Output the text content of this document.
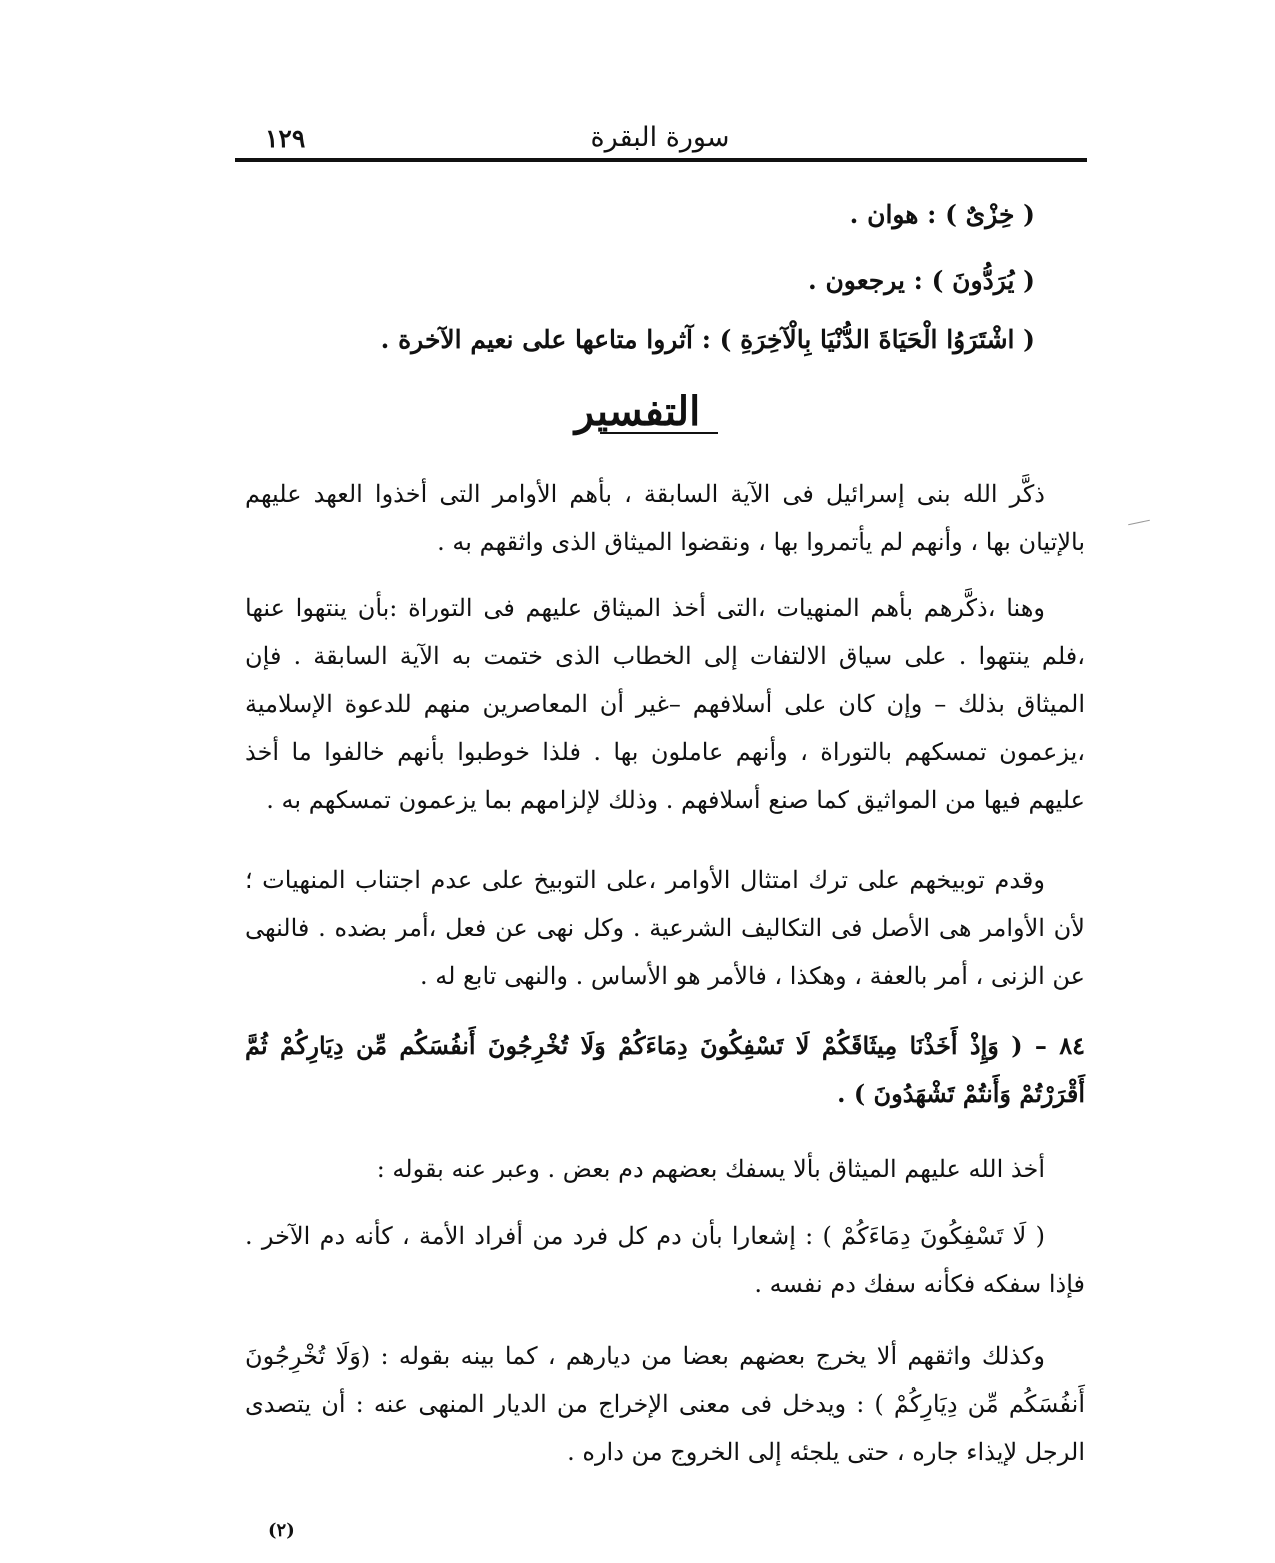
سورة البقرة
١٢٩
( خِزْىٌ ) : هوان .
( يُرَدُّونَ ) : يرجعون .
( اشْتَرَوُا الْحَيَاةَ الدُّنْيَا بِالْآخِرَةِ ) : آثروا متاعها على نعيم الآخرة .
التفسير
ذكَّر الله بنى إسرائيل فى الآية السابقة ، بأهم الأوامر التى أخذوا العهد عليهم بالإتيان بها ، وأنهم لم يأتمروا بها ، ونقضوا الميثاق الذى واثقهم به .
وهنا ،ذكَّرهم بأهم المنهيات ،التى أخذ الميثاق عليهم فى التوراة :بأن ينتهوا عنها ،فلم ينتهوا . على سياق الالتفات إلى الخطاب الذى ختمت به الآية السابقة . فإن الميثاق بذلك – وإن كان على أسلافهم –غير أن المعاصرين منهم للدعوة الإسلامية ،يزعمون تمسكهم بالتوراة ، وأنهم عاملون بها . فلذا خوطبوا بأنهم خالفوا ما أخذ عليهم فيها من المواثيق كما صنع أسلافهم . وذلك لإلزامهم بما يزعمون تمسكهم به .
وقدم توبيخهم على ترك امتثال الأوامر ،على التوبيخ على عدم اجتناب المنهيات ؛ لأن الأوامر هى الأصل فى التكاليف الشرعية . وكل نهى عن فعل ،أمر بضده . فالنهى عن الزنى ، أمر بالعفة ، وهكذا ، فالأمر هو الأساس . والنهى تابع له .
٨٤ – ( وَإِذْ أَخَذْنَا مِيثَاقَكُمْ لَا تَسْفِكُونَ دِمَاءَكُمْ وَلَا تُخْرِجُونَ أَنفُسَكُم مِّن دِيَارِكُمْ ثُمَّ أَقْرَرْتُمْ وَأَنتُمْ تَشْهَدُونَ ) .
أخذ الله عليهم الميثاق بألا يسفك بعضهم دم بعض . وعبر عنه بقوله :
( لَا تَسْفِكُونَ دِمَاءَكُمْ ) : إشعارا بأن دم كل فرد من أفراد الأمة ، كأنه دم الآخر . فإذا سفكه فكأنه سفك دم نفسه .
وكذلك واثقهم ألا يخرج بعضهم بعضا من ديارهم ، كما بينه بقوله : (وَلَا تُخْرِجُونَ أَنفُسَكُم مِّن دِيَارِكُمْ ) : ويدخل فى معنى الإخراج من الديار المنهى عنه : أن يتصدى الرجل لإيذاء جاره ، حتى يلجئه إلى الخروج من داره .
(٢)
